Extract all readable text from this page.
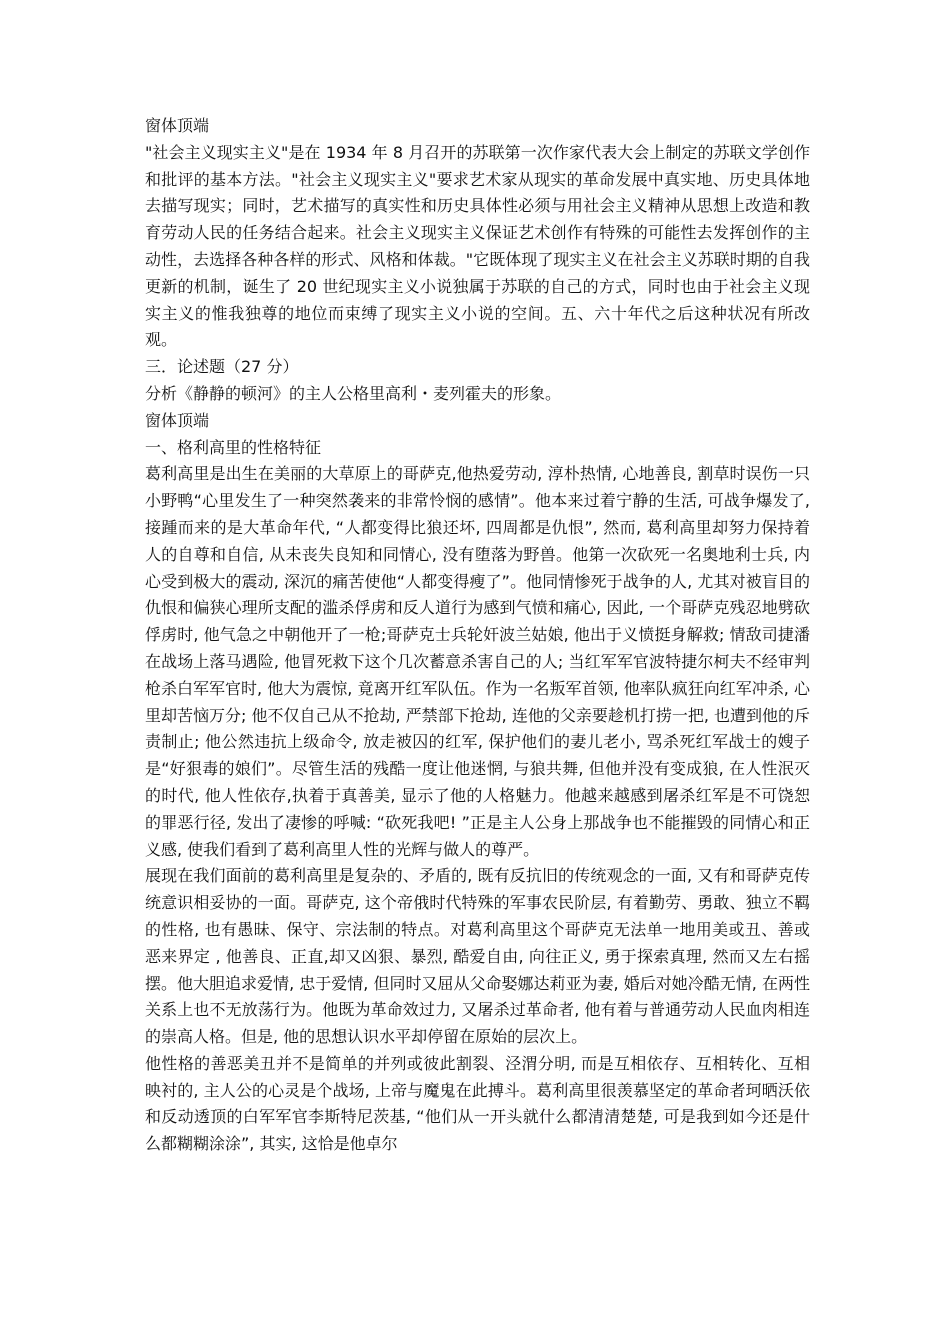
窗体顶端

"社会主义现实主义"是在 1934 年 8 月召开的苏联第一次作家代表大会上制定的苏联文学创作和批评的基本方法。"社会主义现实主义"要求艺术家从现实的革命发展中真实地、历史具体地去描写现实；同时，艺术描写的真实性和历史具体性必须与用社会主义精神从思想上改造和教育劳动人民的任务结合起来。社会主义现实主义保证艺术创作有特殊的可能性去发挥创作的主动性，去选择各种各样的形式、风格和体裁。"它既体现了现实主义在社会主义苏联时期的自我更新的机制，诞生了 20 世纪现实主义小说独属于苏联的自己的方式，同时也由于社会主义现实主义的惟我独尊的地位而束缚了现实主义小说的空间。五、六十年代之后这种状况有所改观。

三．论述题（27 分）

分析《静静的顿河》的主人公格里高利・麦列霍夫的形象。

窗体顶端

一、格利高里的性格特征

葛利高里是出生在美丽的大草原上的哥萨克,他热爱劳动, 淳朴热情, 心地善良, 割草时误伤一只小野鸭“心里发生了一种突然袭来的非常怜悯的感情”。他本来过着宁静的生活, 可战争爆发了, 接踵而来的是大革命年代, “人都变得比狼还坏, 四周都是仇恨”, 然而, 葛利高里却努力保持着人的自尊和自信, 从未丧失良知和同情心, 没有堕落为野兽。他第一次砍死一名奥地利士兵, 内心受到极大的震动, 深沉的痛苦使他“人都变得瘦了”。他同情惨死于战争的人, 尤其对被盲目的仇恨和偏狭心理所支配的滥杀俘虏和反人道行为感到气愤和痛心, 因此, 一个哥萨克残忍地劈砍俘虏时, 他气急之中朝他开了一枪;哥萨克士兵轮奸波兰姑娘, 他出于义愤挺身解救; 情敌司捷潘在战场上落马遇险, 他冒死救下这个几次蓄意杀害自己的人; 当红军军官波特捷尔柯夫不经审判枪杀白军军官时, 他大为震惊, 竟离开红军队伍。作为一名叛军首领, 他率队疯狂向红军冲杀, 心里却苦恼万分; 他不仅自己从不抢劫, 严禁部下抢劫, 连他的父亲要趁机打捞一把, 也遭到他的斥责制止; 他公然违抗上级命令, 放走被囚的红军, 保护他们的妻儿老小, 骂杀死红军战士的嫂子是“好狠毒的娘们”。尽管生活的残酷一度让他迷惘, 与狼共舞, 但他并没有变成狼, 在人性泯灭的时代, 他人性依存,执着于真善美, 显示了他的人格魅力。他越来越感到屠杀红军是不可饶恕的罪恶行径, 发出了凄惨的呼喊: “砍死我吧! ”正是主人公身上那战争也不能摧毁的同情心和正义感, 使我们看到了葛利高里人性的光辉与做人的尊严。

展现在我们面前的葛利高里是复杂的、矛盾的, 既有反抗旧的传统观念的一面, 又有和哥萨克传统意识相妥协的一面。哥萨克, 这个帝俄时代特殊的军事农民阶层, 有着勤劳、勇敢、独立不羁的性格, 也有愚昧、保守、宗法制的特点。对葛利高里这个哥萨克无法单一地用美或丑、善或恶来界定 , 他善良、正直,却又凶狠、暴烈, 酷爱自由, 向往正义, 勇于探索真理, 然而又左右摇摆。他大胆追求爱情, 忠于爱情, 但同时又屈从父命娶娜达莉亚为妻, 婚后对她冷酷无情, 在两性关系上也不无放荡行为。他既为革命效过力, 又屠杀过革命者, 他有着与普通劳动人民血肉相连的崇高人格。但是, 他的思想认识水平却停留在原始的层次上。

他性格的善恶美丑并不是简单的并列或彼此割裂、泾渭分明, 而是互相依存、互相转化、互相映衬的, 主人公的心灵是个战场, 上帝与魔鬼在此搏斗。葛利高里很羡慕坚定的革命者珂晒沃依和反动透顶的白军军官李斯特尼茨基, “他们从一开头就什么都清清楚楚, 可是我到如今还是什么都糊糊涂涂”, 其实, 这恰是他卓尔
